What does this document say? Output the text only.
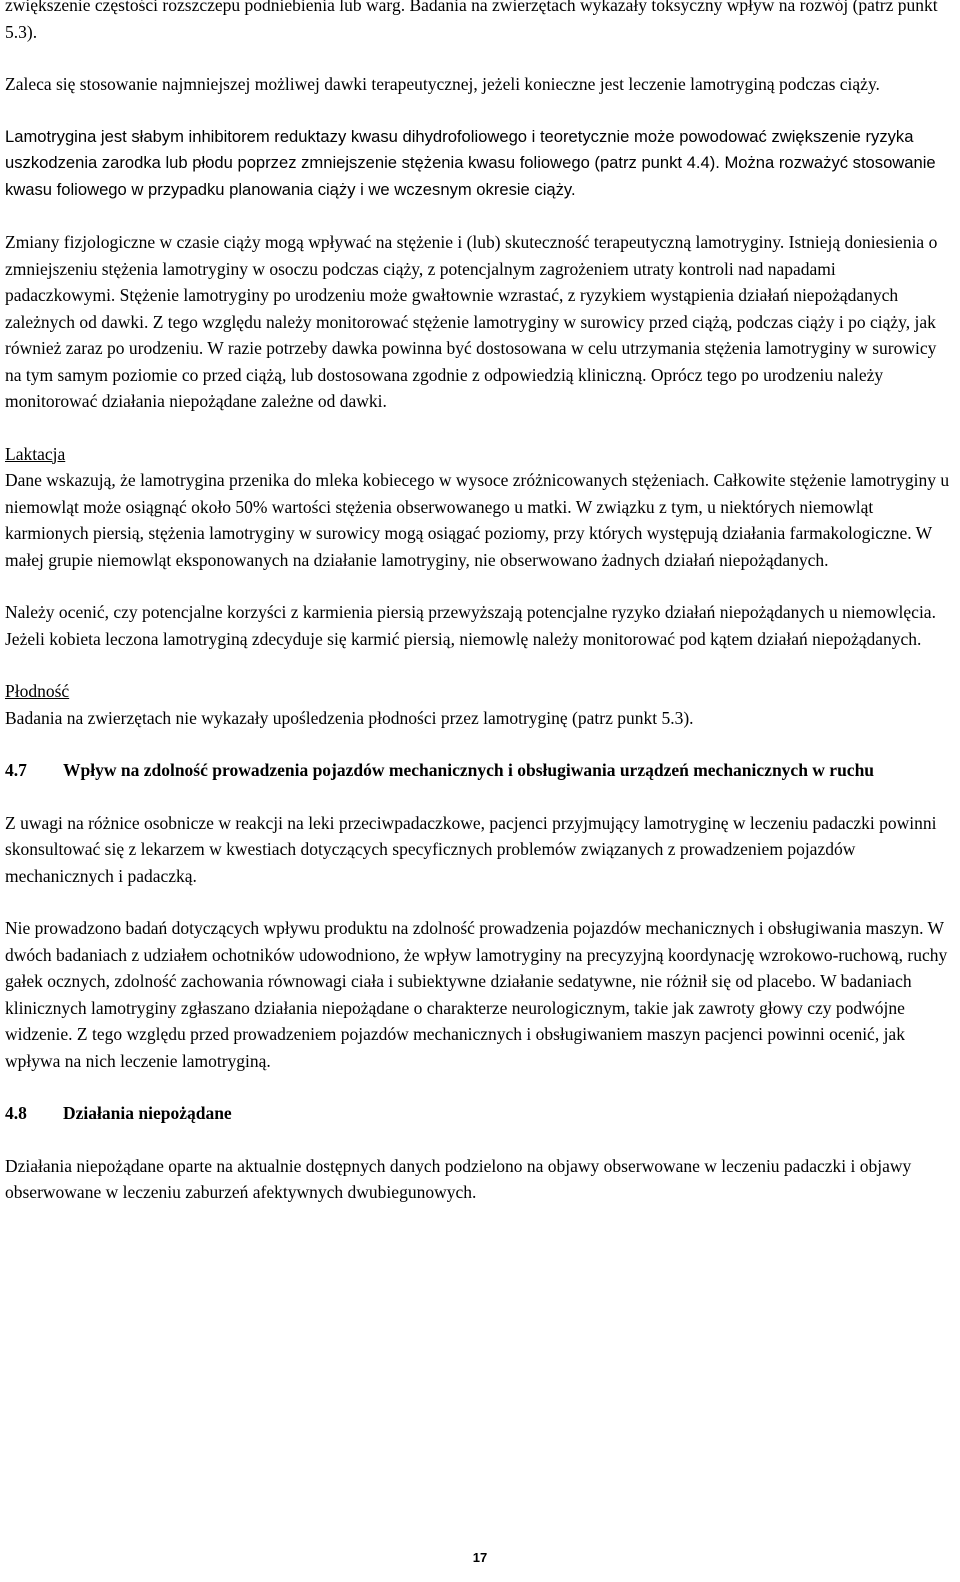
zwiększenie częstości rozszczepu podniebienia lub warg. Badania na zwierzętach wykazały toksyczny wpływ na rozwój (patrz punkt 5.3).

Zaleca się stosowanie najmniejszej możliwej dawki terapeutycznej, jeżeli konieczne jest leczenie lamotryginą podczas ciąży.

Lamotrygina jest słabym inhibitorem reduktazy kwasu dihydrofoliowego i teoretycznie może powodować zwiększenie ryzyka uszkodzenia zarodka lub płodu poprzez zmniejszenie stężenia kwasu foliowego (patrz punkt 4.4). Można rozważyć stosowanie kwasu foliowego w przypadku planowania ciąży i we wczesnym okresie ciąży.

Zmiany fizjologiczne w czasie ciąży mogą wpływać na stężenie i (lub) skuteczność terapeutyczną lamotryginy. Istnieją doniesienia o zmniejszeniu stężenia lamotryginy w osoczu podczas ciąży, z potencjalnym zagrożeniem utraty kontroli nad napadami padaczkowymi. Stężenie lamotryginy po urodzeniu może gwałtownie wzrastać, z ryzykiem wystąpienia działań niepożądanych zależnych od dawki. Z tego względu należy monitorować stężenie lamotryginy w surowicy przed ciążą, podczas ciąży i po ciąży, jak również zaraz po urodzeniu. W razie potrzeby dawka powinna być dostosowana w celu utrzymania stężenia lamotryginy w surowicy na tym samym poziomie co przed ciążą, lub dostosowana zgodnie z odpowiedzią kliniczną. Oprócz tego po urodzeniu należy monitorować działania niepożądane zależne od dawki.

Laktacja
Dane wskazują, że lamotrygina przenika do mleka kobiecego w wysoce zróżnicowanych stężeniach. Całkowite stężenie lamotryginy u niemowląt może osiągnąć około 50% wartości stężenia obserwowanego u matki. W związku z tym, u niektórych niemowląt karmionych piersią, stężenia lamotryginy w surowicy mogą osiągać poziomy, przy których występują działania farmakologiczne. W małej grupie niemowląt eksponowanych na działanie lamotryginy, nie obserwowano żadnych działań niepożądanych.

Należy ocenić, czy potencjalne korzyści z karmienia piersią przewyższają potencjalne ryzyko działań niepożądanych u niemowlęcia. Jeżeli kobieta leczona lamotryginą zdecyduje się karmić piersią, niemowlę należy monitorować pod kątem działań niepożądanych.

Płodność
Badania na zwierzętach nie wykazały upośledzenia płodności przez lamotryginę (patrz punkt 5.3).

4.7	Wpływ na zdolność prowadzenia pojazdów mechanicznych i obsługiwania urządzeń mechanicznych w ruchu

Z uwagi na różnice osobnicze w reakcji na leki przeciwpadaczkowe, pacjenci przyjmujący lamotryginę w leczeniu padaczki powinni skonsultować się z lekarzem w kwestiach dotyczących specyficznych problemów związanych z prowadzeniem pojazdów mechanicznych i padaczką.

Nie prowadzono badań dotyczących wpływu produktu na zdolność prowadzenia pojazdów mechanicznych i obsługiwania maszyn. W dwóch badaniach z udziałem ochotników udowodniono, że wpływ lamotryginy na precyzyjną koordynację wzrokowo-ruchową, ruchy gałek ocznych, zdolność zachowania równowagi ciała i subiektywne działanie sedatywne, nie różnił się od placebo. W badaniach klinicznych lamotryginy zgłaszano działania niepożądane o charakterze neurologicznym, takie jak zawroty głowy czy podwójne widzenie. Z tego względu przed prowadzeniem pojazdów mechanicznych i obsługiwaniem maszyn pacjenci powinni ocenić, jak wpływa na nich leczenie lamotryginą.

4.8	Działania niepożądane

Działania niepożądane oparte na aktualnie dostępnych danych podzielono na objawy obserwowane w leczeniu padaczki i objawy obserwowane w leczeniu zaburzeń afektywnych dwubiegunowych.

17
